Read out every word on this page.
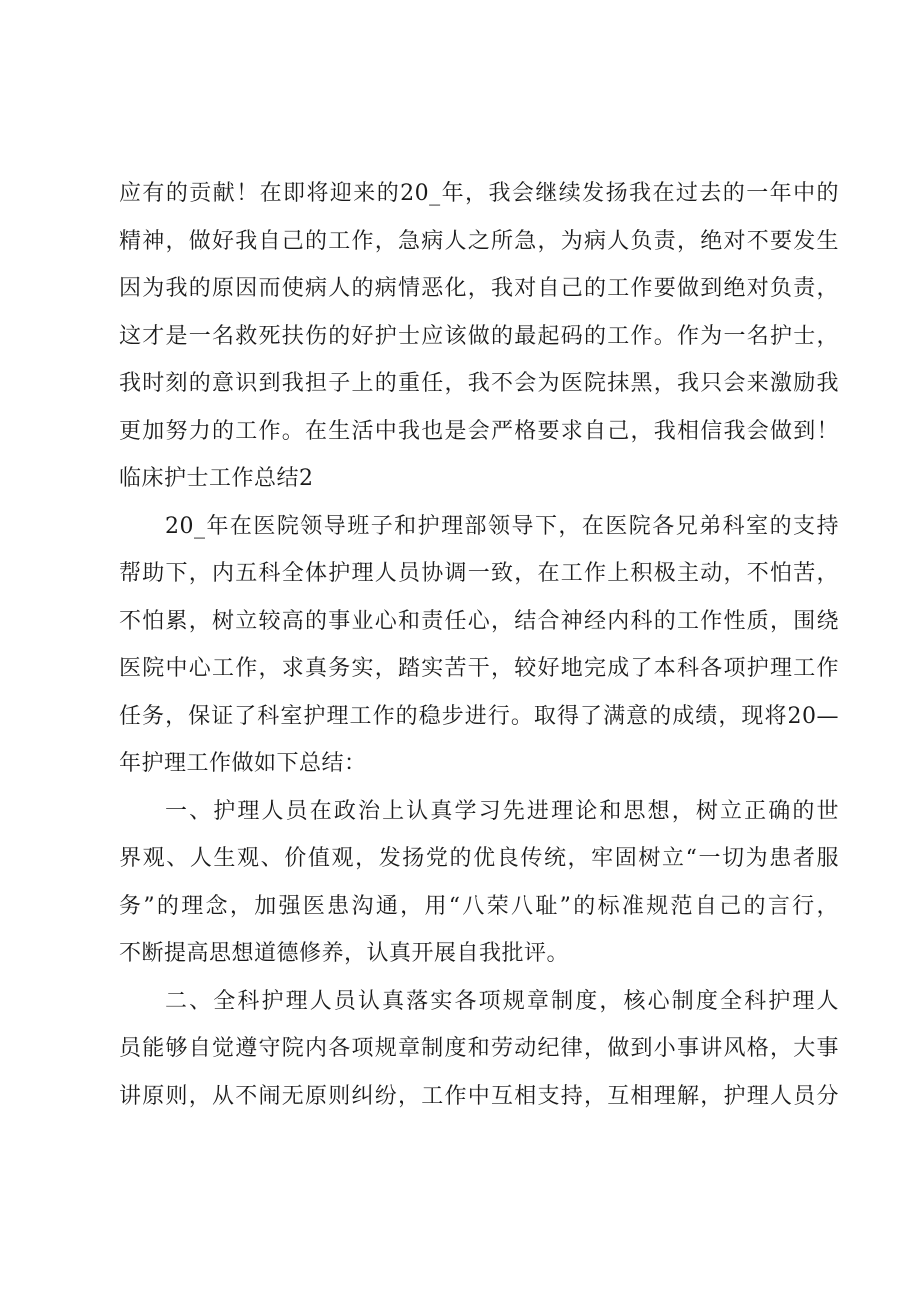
应有的贡献！在即将迎来的20_年，我会继续发扬我在过去的一年中的
精神，做好我自己的工作，急病人之所急，为病人负责，绝对不要发生
因为我的原因而使病人的病情恶化，我对自己的工作要做到绝对负责，
这才是一名救死扶伤的好护士应该做的最起码的工作。作为一名护士，
我时刻的意识到我担子上的重任，我不会为医院抹黑，我只会来激励我
更加努力的工作。在生活中我也是会严格要求自己，我相信我会做到！
临床护士工作总结2
20_年在医院领导班子和护理部领导下，在医院各兄弟科室的支持
帮助下，内五科全体护理人员协调一致，在工作上积极主动，不怕苦，
不怕累，树立较高的事业心和责任心，结合神经内科的工作性质，围绕
医院中心工作，求真务实，踏实苦干，较好地完成了本科各项护理工作
任务，保证了科室护理工作的稳步进行。取得了满意的成绩，现将20—
年护理工作做如下总结：
一、护理人员在政治上认真学习先进理论和思想，树立正确的世
界观、人生观、价值观，发扬党的优良传统，牢固树立“一切为患者服
务”的理念，加强医患沟通，用“八荣八耻”的标准规范自己的言行，
不断提高思想道德修养，认真开展自我批评。
二、全科护理人员认真落实各项规章制度，核心制度全科护理人
员能够自觉遵守院内各项规章制度和劳动纪律，做到小事讲风格，大事
讲原则，从不闹无原则纠纷，工作中互相支持，互相理解，护理人员分
